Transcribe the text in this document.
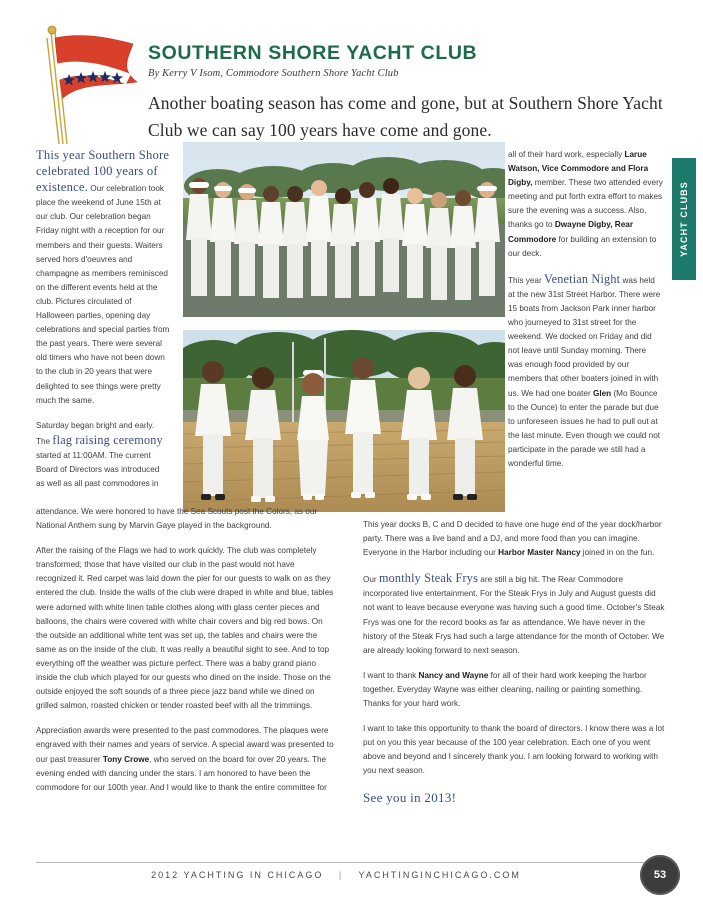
SOUTHERN SHORE YACHT CLUB

By Kerry V Isom, Commodore Southern Shore Yacht Club

Another boating season has come and gone, but at Southern Shore Yacht Club we can say 100 years have come and gone.

YACHT CLUBS

This year Southern Shore celebrated 100 years of existence. Our celebration took place the weekend of June 15th at our club. Our celebration began Friday night with a reception for our members and their guests. Waiters served hors d'oeuvres and champagne as members reminisced on the different events held at the club. Pictures circulated of Halloween parties, opening day celebrations and special parties from the past years. There were several old timers who have not been down to the club in 20 years that were delighted to see things were pretty much the same.

Saturday began bright and early. The flag raising ceremony started at 11:00AM. The current Board of Directors was introduced as well as all past commodores in

attendance. We were honored to have the Sea Scouts post the Colors, as our National Anthem sung by Marvin Gaye played in the background.

After the raising of the Flags we had to work quickly. The club was completely transformed; those that have visited our club in the past would not have recognized it. Red carpet was laid down the pier for our guests to walk on as they entered the club. Inside the walls of the club were draped in white and blue, tables were adorned with white linen table clothes along with glass center pieces and balloons, the chairs were covered with white chair covers and big red bows. On the outside an additional white tent was set up, the tables and chairs were the same as on the inside of the club. It was really a beautiful sight to see. And to top everything off the weather was picture perfect. There was a baby grand piano inside the club which played for our guests who dined on the inside. Those on the outside enjoyed the soft sounds of a three piece jazz band while we dined on grilled salmon, roasted chicken or tender roasted beef with all the trimmings.

Appreciation awards were presented to the past commodores. The plaques were engraved with their names and years of service. A special award was presented to our past treasurer Tony Crowe, who served on the board for over 20 years. The evening ended with dancing under the stars. I am honored to have been the commodore for our 100th year. And I would like to thank the entire committee for

all of their hard work, especially Larue Watson, Vice Commodore and Flora Digby, member. These two attended every meeting and put forth extra effort to makes sure the evening was a success. Also, thanks go to Dwayne Digby, Rear Commodore for building an extension to our deck.

This year Venetian Night was held at the new 31st Street Harbor. There were 15 boats from Jackson Park inner harbor who journeyed to 31st street for the weekend. We docked on Friday and did not leave until Sunday morning. There was enough food provided by our members that other boaters joined in with us. We had one boater Glen (Mo Bounce to the Ounce) to enter the parade but due to unforeseen issues he had to pull out at the last minute. Even though we could not participate in the parade we still had a wonderful time.

This year docks B, C and D decided to have one huge end of the year dock/harbor party. There was a live band and a DJ, and more food than you can imagine. Everyone in the Harbor including our Harbor Master Nancy joined in on the fun.

Our monthly Steak Frys are still a big hit. The Rear Commodore incorporated live entertainment. For the Steak Frys in July and August guests did not want to leave because everyone was having such a good time. October's Steak Frys was one for the record books as far as attendance. We have never in the history of the Steak Frys had such a large attendance for the month of October. We are already looking forward to next season.

I want to thank Nancy and Wayne for all of their hard work keeping the harbor together. Everyday Wayne was either cleaning, nailing or painting something. Thanks for your hard work.

I want to take this opportunity to thank the board of directors. I know there was a lot put on you this year because of the 100 year celebration. Each one of you went above and beyond and I sincerely thank you. I am looking forward to working with you next season.

See you in 2013!
2012 YACHTING IN CHICAGO | YACHTINGINCHICAGO.COM	53
